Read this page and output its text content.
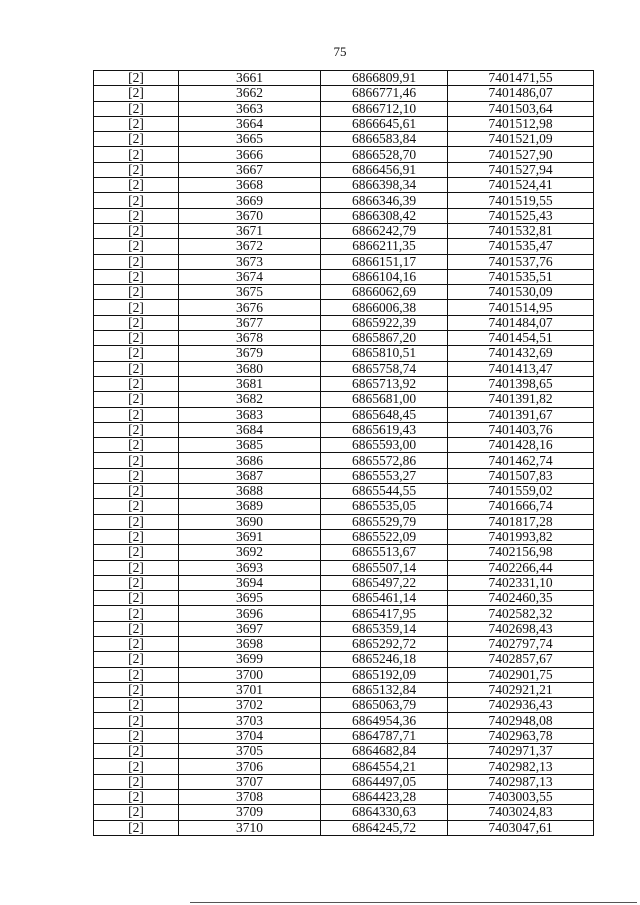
75
[2]	3661	6866809,91	7401471,55
[2]	3662	6866771,46	7401486,07
[2]	3663	6866712,10	7401503,64
[2]	3664	6866645,61	7401512,98
[2]	3665	6866583,84	7401521,09
[2]	3666	6866528,70	7401527,90
[2]	3667	6866456,91	7401527,94
[2]	3668	6866398,34	7401524,41
[2]	3669	6866346,39	7401519,55
[2]	3670	6866308,42	7401525,43
[2]	3671	6866242,79	7401532,81
[2]	3672	6866211,35	7401535,47
[2]	3673	6866151,17	7401537,76
[2]	3674	6866104,16	7401535,51
[2]	3675	6866062,69	7401530,09
[2]	3676	6866006,38	7401514,95
[2]	3677	6865922,39	7401484,07
[2]	3678	6865867,20	7401454,51
[2]	3679	6865810,51	7401432,69
[2]	3680	6865758,74	7401413,47
[2]	3681	6865713,92	7401398,65
[2]	3682	6865681,00	7401391,82
[2]	3683	6865648,45	7401391,67
[2]	3684	6865619,43	7401403,76
[2]	3685	6865593,00	7401428,16
[2]	3686	6865572,86	7401462,74
[2]	3687	6865553,27	7401507,83
[2]	3688	6865544,55	7401559,02
[2]	3689	6865535,05	7401666,74
[2]	3690	6865529,79	7401817,28
[2]	3691	6865522,09	7401993,82
[2]	3692	6865513,67	7402156,98
[2]	3693	6865507,14	7402266,44
[2]	3694	6865497,22	7402331,10
[2]	3695	6865461,14	7402460,35
[2]	3696	6865417,95	7402582,32
[2]	3697	6865359,14	7402698,43
[2]	3698	6865292,72	7402797,74
[2]	3699	6865246,18	7402857,67
[2]	3700	6865192,09	7402901,75
[2]	3701	6865132,84	7402921,21
[2]	3702	6865063,79	7402936,43
[2]	3703	6864954,36	7402948,08
[2]	3704	6864787,71	7402963,78
[2]	3705	6864682,84	7402971,37
[2]	3706	6864554,21	7402982,13
[2]	3707	6864497,05	7402987,13
[2]	3708	6864423,28	7403003,55
[2]	3709	6864330,63	7403024,83
[2]	3710	6864245,72	7403047,61
